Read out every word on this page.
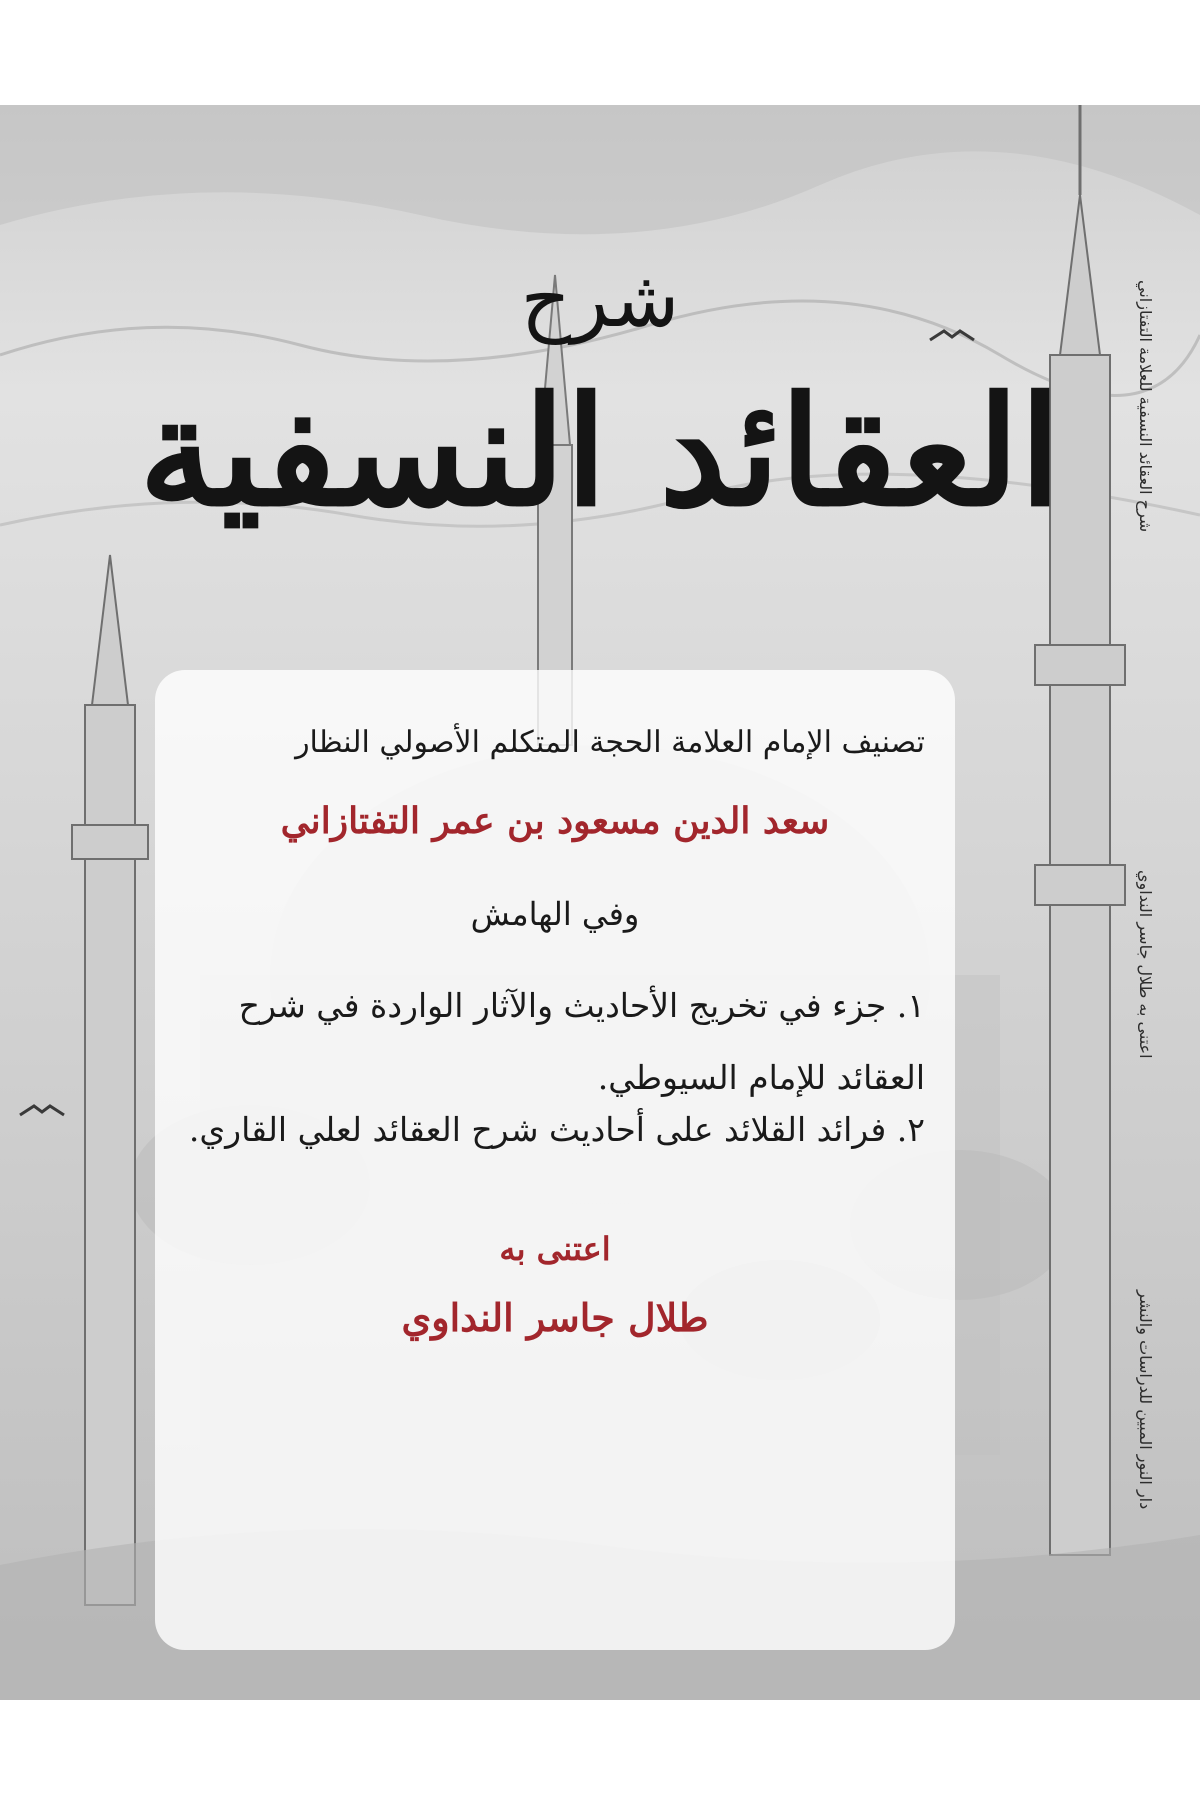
شرح
العقائد النسفية	شرح العقائد النسفية للعلامة التفتازاني
اعتنى به طلال جاسر النداوي
دار النور المبين للدراسات والنشر
تصنيف الإمام العلامة الحجة المتكلم الأصولي النظار
سعد الدين مسعود بن عمر التفتازاني
وفي الهامش
١. جزء في تخريج الأحاديث والآثار الواردة في شرح العقائد للإمام السيوطي.
٢. فرائد القلائد على أحاديث شرح العقائد لعلي القاري.
اعتنى به
طلال جاسر النداوي
